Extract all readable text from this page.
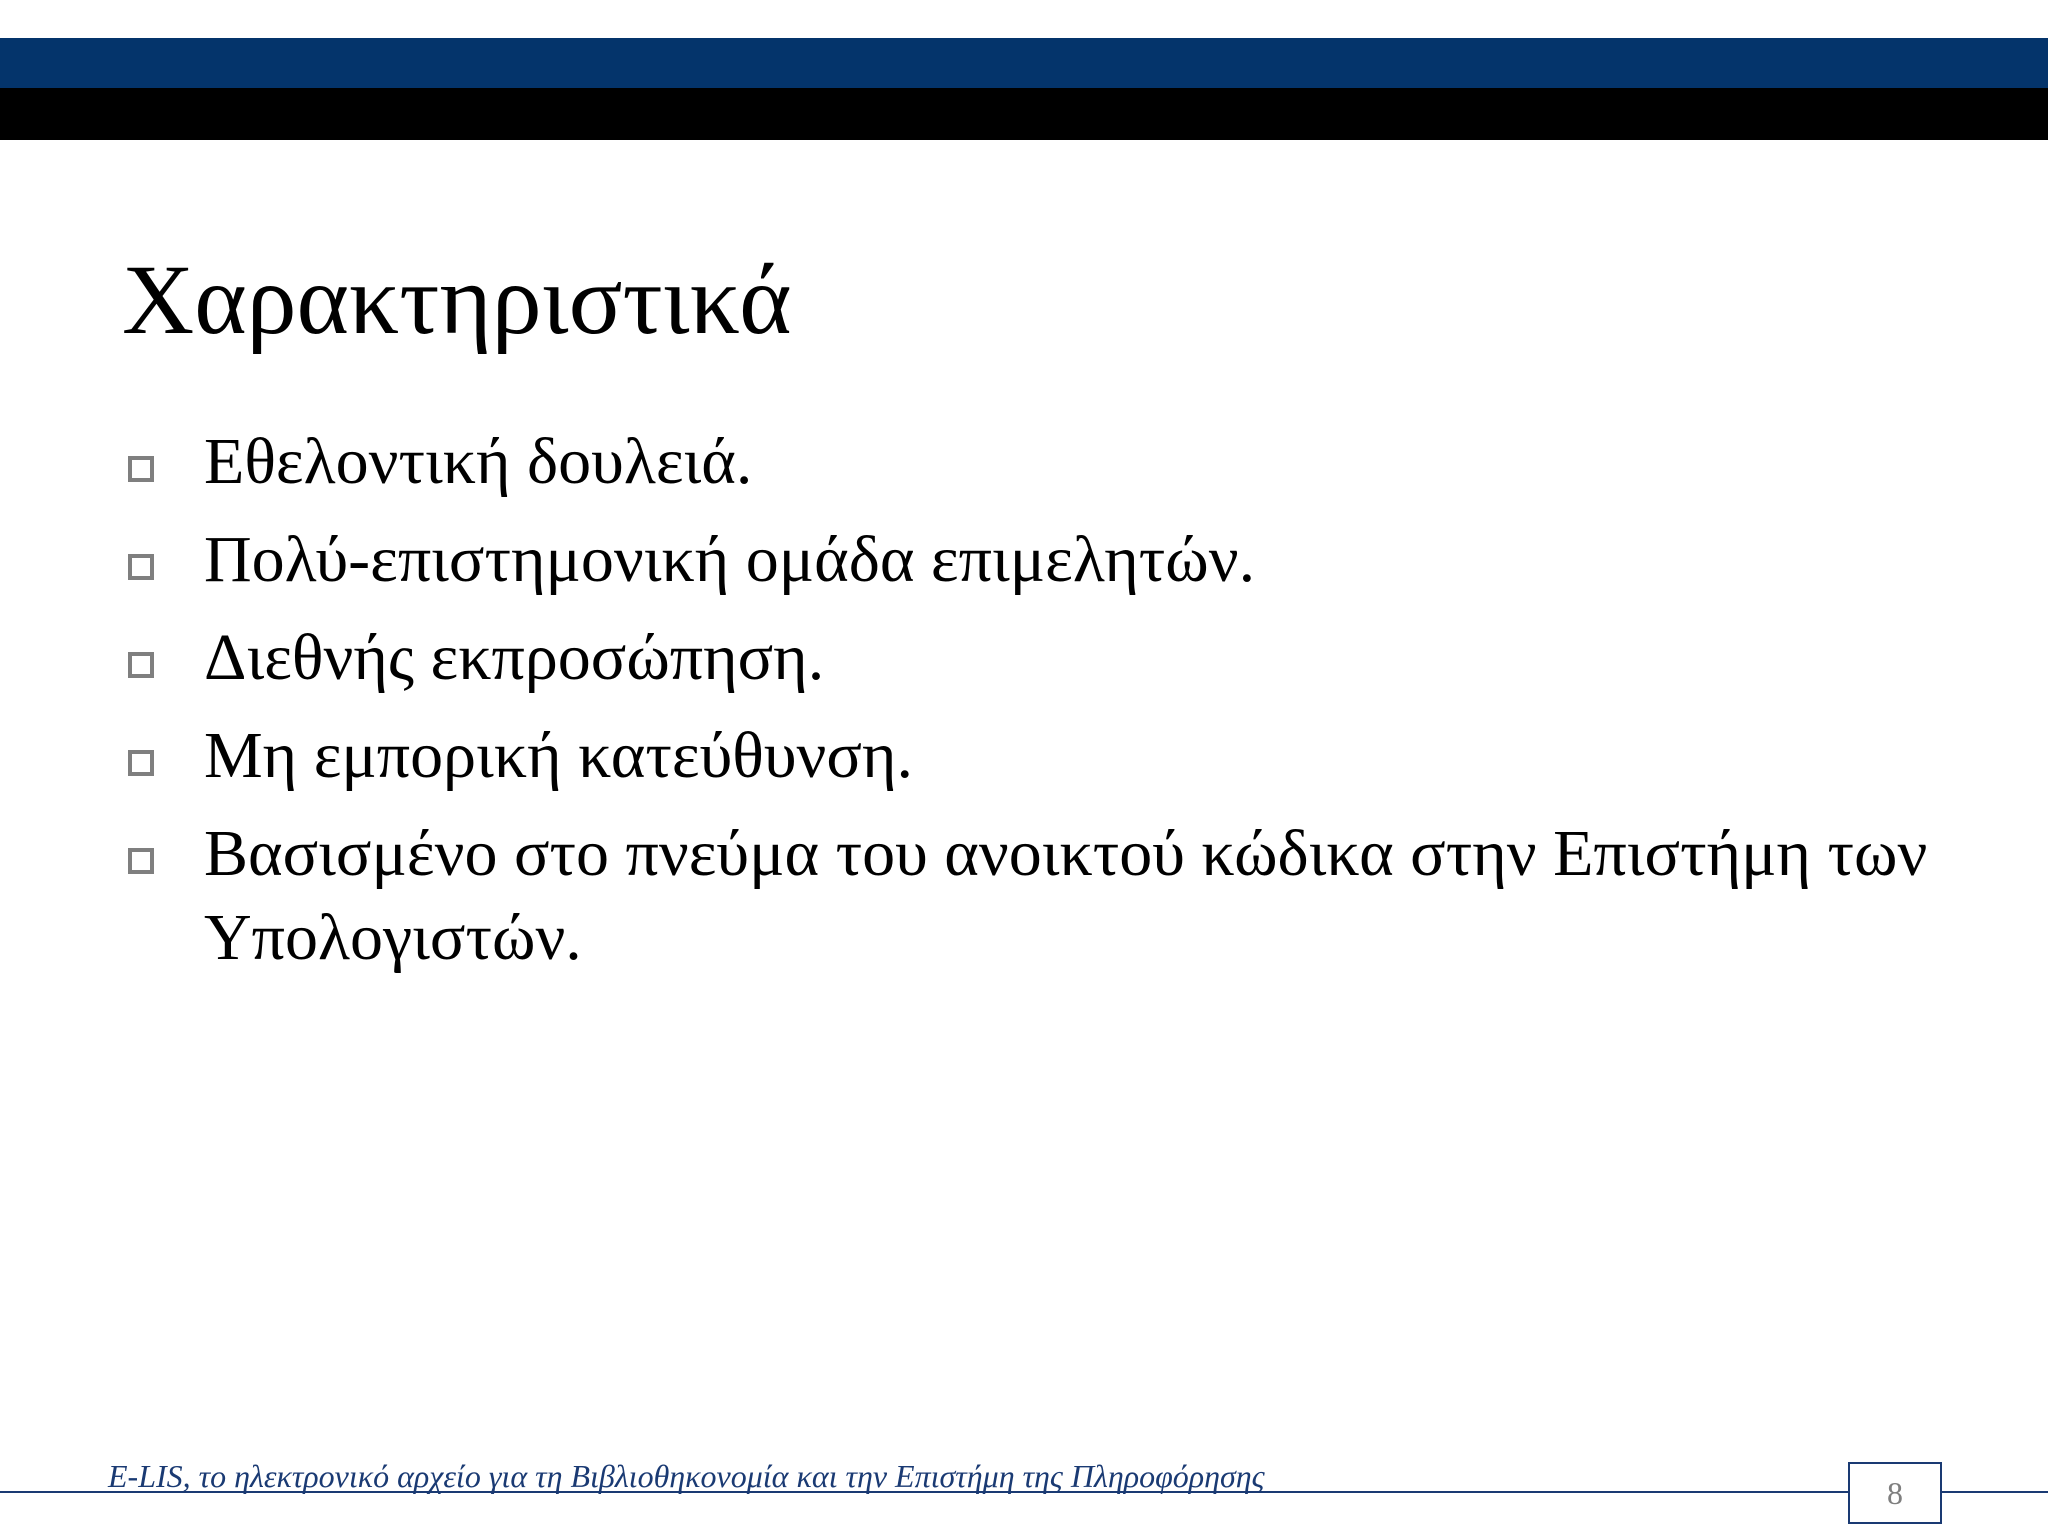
Χαρακτηριστικά
Εθελοντική δουλειά.
Πολύ-επιστημονική ομάδα επιμελητών.
Διεθνής εκπροσώπηση.
Μη εμπορική κατεύθυνση.
Βασισμένο στο πνεύμα του ανοικτού κώδικα στην Επιστήμη των Υπολογιστών.
E-LIS, το ηλεκτρονικό αρχείο για τη Βιβλιοθηκονομία και την Επιστήμη της Πληροφόρησης	8
